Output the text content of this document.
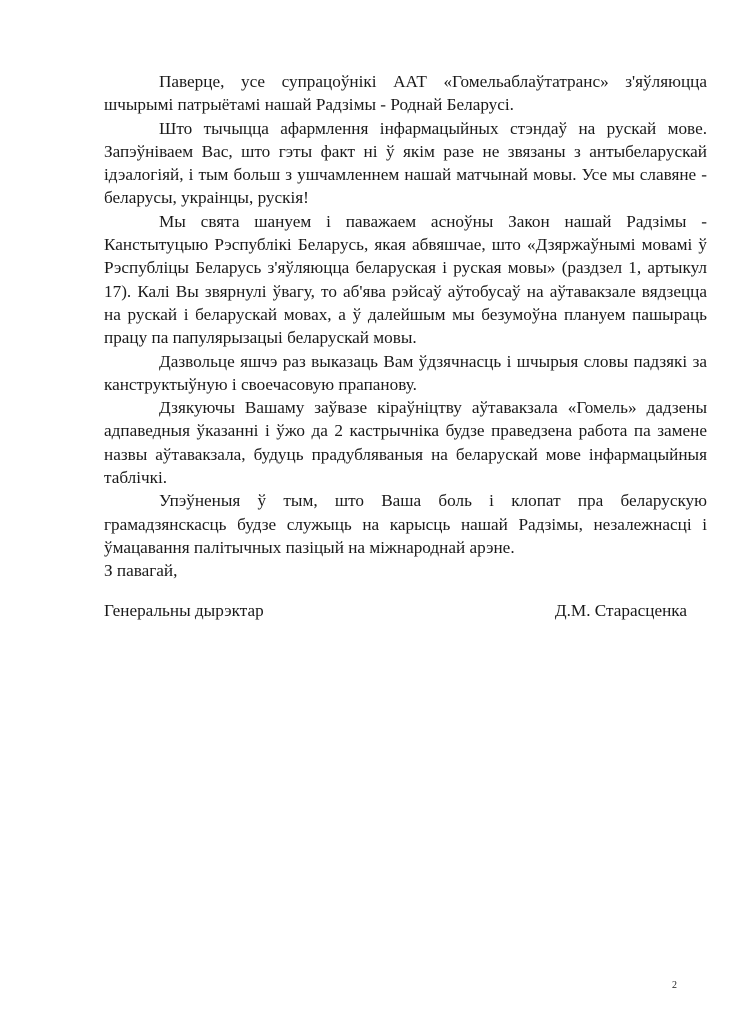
Паверце, усе супрацоўнікі ААТ «Гомельаблаўтатранс» з'яўляюцца шчырымі патрыётамі нашай Радзімы - Роднай Беларусі.

Што тычыцца афармлення інфармацыйных стэндаў на рускай мове. Запэўніваем Вас, што гэты факт ні ў якім разе не звязаны з антыбеларускай ідэалогіяй, і тым больш з ушчамленнем нашай матчынай мовы. Усе мы славяне - беларусы, украінцы, рускія!

Мы свята шануем і паважаем асноўны Закон нашай Радзімы - Канстытуцыю Рэспублікі Беларусь, якая абвяшчае, што «Дзяржаўнымі мовамі ў Рэспубліцы Беларусь з'яўляюцца беларуская і руская мовы» (раздзел 1, артыкул 17). Калі Вы звярнулі ўвагу, то аб'ява рэйсаў аўтобусаў на аўтавакзале вядзецца на рускай і беларускай мовах, а ў далейшым мы безумоўна плануем пашыраць працу па папулярызацыі беларускай мовы.

Дазвольце яшчэ раз выказаць Вам ўдзячнасць і шчырыя словы падзякі за канструктыўную і своечасовую прапанову.

Дзякуючы Вашаму заўвазе кіраўніцтву аўтавакзала «Гомель» дадзены адпаведныя ўказанні і ўжо да 2 кастрычніка будзе праведзена работа па замене назвы аўтавакзала, будуць прадубляваныя на беларускай мове інфармацыйныя таблічкі.

Упэўненыя ў тым, што Ваша боль і клопат пра беларускую грамадзянскасць будзе служыць на карысць нашай Радзімы, незалежнасці і ўмацавання палітычных пазіцый на міжнароднай арэне.

З павагай,
Генеральны дырэктар	Д.М. Старасценка
2
